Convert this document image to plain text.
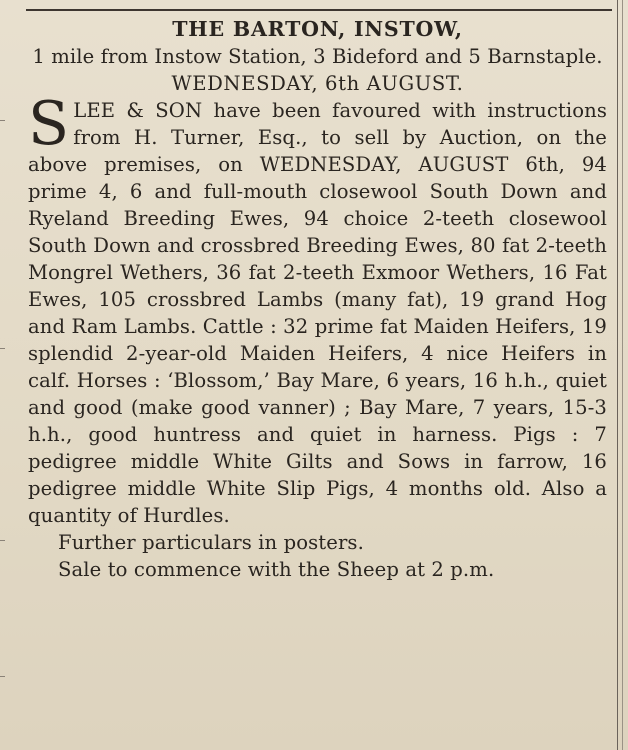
THE BARTON, INSTOW,

1 mile from Instow Station, 3 Bideford and 5 Barnstaple.

WEDNESDAY, 6th AUGUST.

SLEE & SON have been favoured with instructions from H. Turner, Esq., to sell by Auction, on the above premises, on WEDNESDAY, AUGUST 6th, 94 prime 4, 6 and full-mouth closewool South Down and Ryeland Breeding Ewes, 94 choice 2-teeth closewool South Down and crossbred Breeding Ewes, 80 fat 2-teeth Mongrel Wethers, 36 fat 2-teeth Exmoor Wethers, 16 Fat Ewes, 105 crossbred Lambs (many fat), 19 grand Hog and Ram Lambs. Cattle : 32 prime fat Maiden Heifers, 19 splendid 2-year-old Maiden Heifers, 4 nice Heifers in calf. Horses : ‘Blossom,’ Bay Mare, 6 years, 16 h.h., quiet and good (make good vanner) ; Bay Mare, 7 years, 15-3 h.h., good huntress and quiet in harness. Pigs : 7 pedigree middle White Gilts and Sows in farrow, 16 pedigree middle White Slip Pigs, 4 months old. Also a quantity of Hurdles.

Further particulars in posters.

Sale to commence with the Sheep at 2 p.m.
